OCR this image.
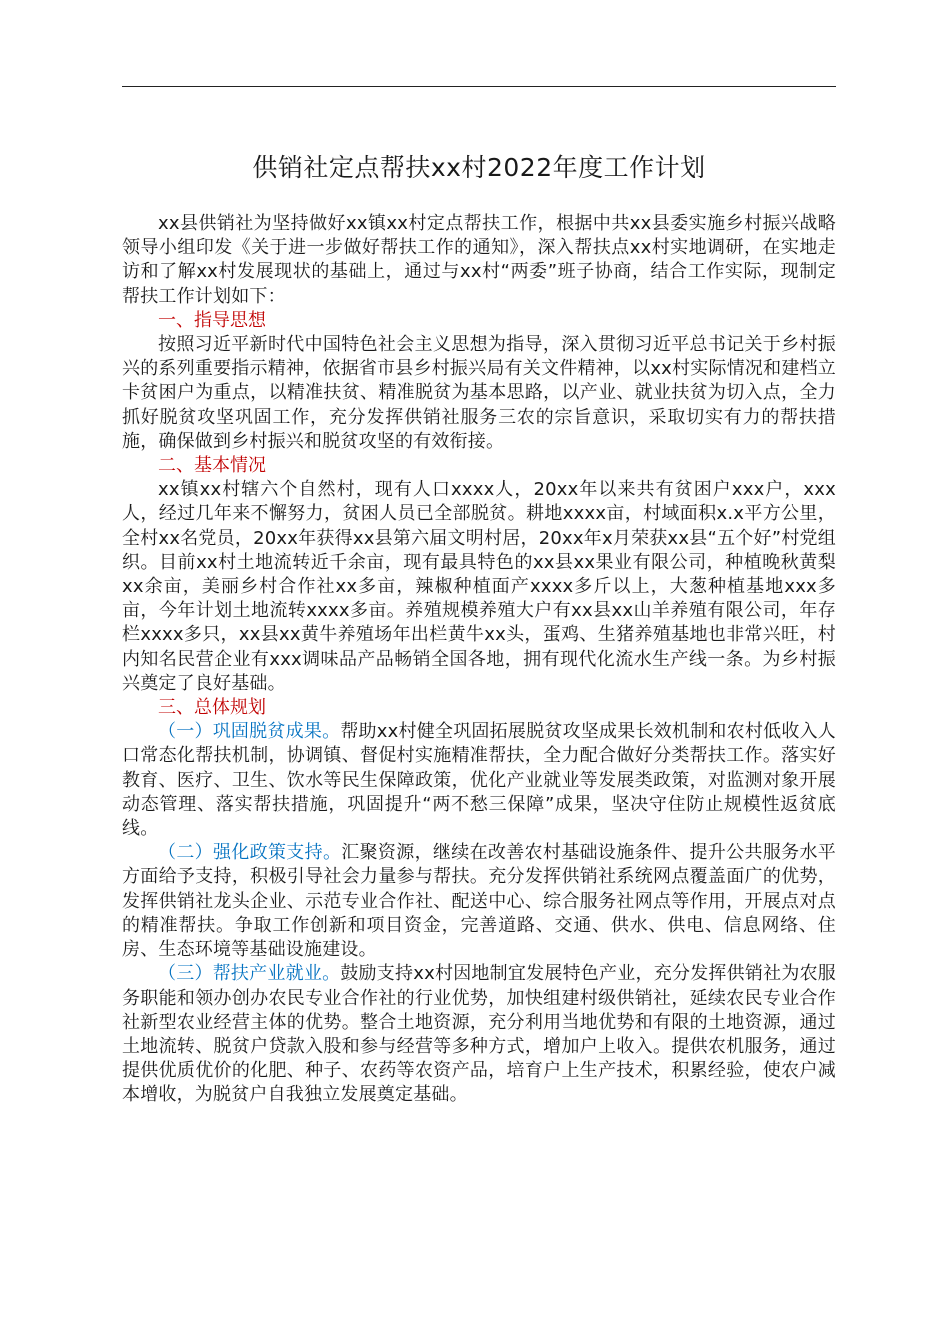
供销社定点帮扶xx村2022年度工作计划

xx县供销社为坚持做好xx镇xx村定点帮扶工作，根据中共xx县委实施乡村振兴战略领导小组印发《关于进一步做好帮扶工作的通知》，深入帮扶点xx村实地调研，在实地走访和了解xx村发展现状的基础上，通过与xx村“两委”班子协商，结合工作实际，现制定帮扶工作计划如下：

一、指导思想

按照习近平新时代中国特色社会主义思想为指导，深入贯彻习近平总书记关于乡村振兴的系列重要指示精神，依据省市县乡村振兴局有关文件精神，以xx村实际情况和建档立卡贫困户为重点，以精准扶贫、精准脱贫为基本思路，以产业、就业扶贫为切入点，全力抓好脱贫攻坚巩固工作，充分发挥供销社服务三农的宗旨意识，采取切实有力的帮扶措施，确保做到乡村振兴和脱贫攻坚的有效衔接。

二、基本情况

xx镇xx村辖六个自然村，现有人口xxxx人，20xx年以来共有贫困户xxx户，xxx人，经过几年来不懈努力，贫困人员已全部脱贫。耕地xxxx亩，村域面积x.x平方公里，全村xx名党员，20xx年获得xx县第六届文明村居，20xx年x月荣获xx县“五个好”村党组织。目前xx村土地流转近千余亩，现有最具特色的xx县xx果业有限公司，种植晚秋黄梨xx余亩，美丽乡村合作社xx多亩，辣椒种植面产xxxx多斤以上，大葱种植基地xxx多亩，今年计划土地流转xxxx多亩。养殖规模养殖大户有xx县xx山羊养殖有限公司，年存栏xxxx多只，xx县xx黄牛养殖场年出栏黄牛xx头，蛋鸡、生猪养殖基地也非常兴旺，村内知名民营企业有xxx调味品产品畅销全国各地，拥有现代化流水生产线一条。为乡村振兴奠定了良好基础。

三、总体规划

（一）巩固脱贫成果。帮助xx村健全巩固拓展脱贫攻坚成果长效机制和农村低收入人口常态化帮扶机制，协调镇、督促村实施精准帮扶，全力配合做好分类帮扶工作。落实好教育、医疗、卫生、饮水等民生保障政策，优化产业就业等发展类政策，对监测对象开展动态管理、落实帮扶措施，巩固提升“两不愁三保障”成果，坚决守住防止规模性返贫底线。

（二）强化政策支持。汇聚资源，继续在改善农村基础设施条件、提升公共服务水平方面给予支持，积极引导社会力量参与帮扶。充分发挥供销社系统网点覆盖面广的优势，发挥供销社龙头企业、示范专业合作社、配送中心、综合服务社网点等作用，开展点对点的精准帮扶。争取工作创新和项目资金，完善道路、交通、供水、供电、信息网络、住房、生态环境等基础设施建设。

（三）帮扶产业就业。鼓励支持xx村因地制宜发展特色产业，充分发挥供销社为农服务职能和领办创办农民专业合作社的行业优势，加快组建村级供销社，延续农民专业合作社新型农业经营主体的优势。整合土地资源，充分利用当地优势和有限的土地资源，通过土地流转、脱贫户贷款入股和参与经营等多种方式，增加户上收入。提供农机服务，通过提供优质优价的化肥、种子、农药等农资产品，培育户上生产技术，积累经验，使农户减本增收，为脱贫户自我独立发展奠定基础。
